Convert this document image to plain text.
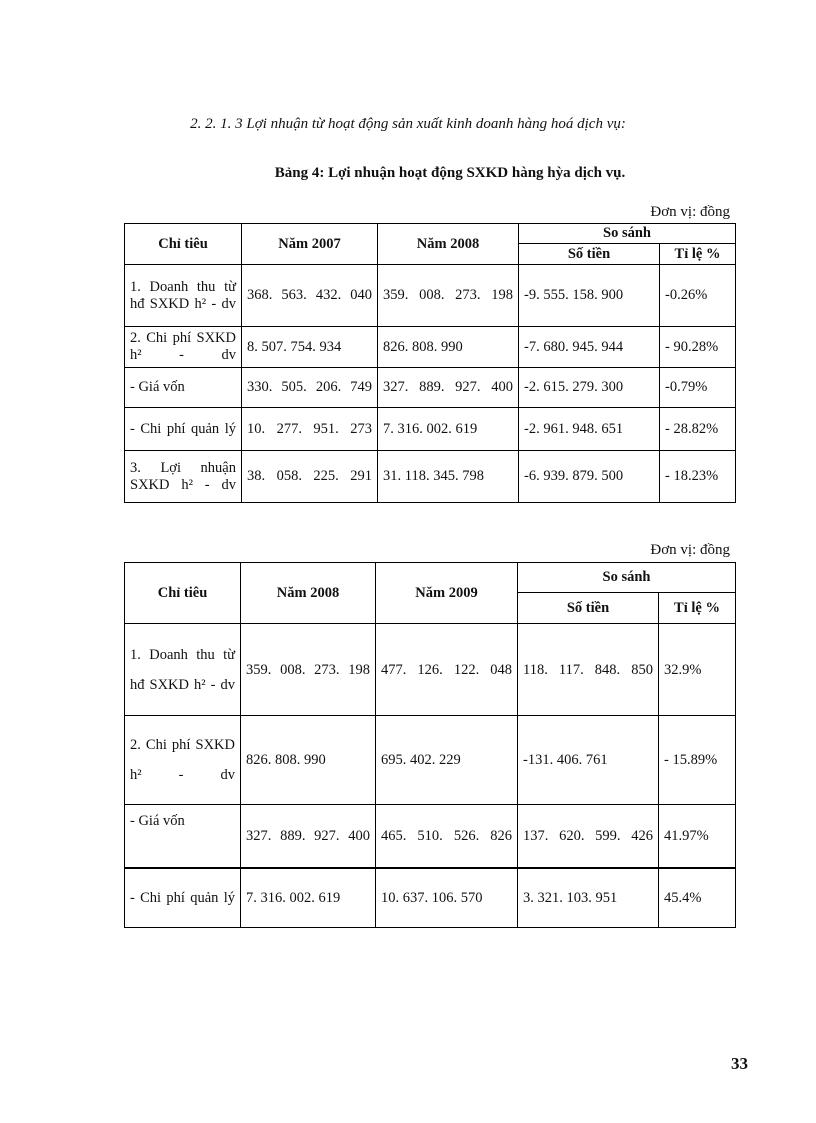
2. 2. 1. 3 Lợi nhuận từ hoạt động sản xuất kinh doanh hàng hoá dịch vụ:
Bảng 4: Lợi nhuận hoạt động SXKD hàng hỳa dịch vụ.
Đơn vị: đồng
Chỉ tiêu	Năm 2007	Năm 2008	So sánh	
			Số tiền	Tỉ lệ %
1. Doanh thu từ hđ SXKD h² - dv	368. 563. 432. 040	359. 008. 273. 198	-9. 555. 158. 900	-0.26%
2. Chi phí SXKD h² - dv	8. 507. 754. 934	826. 808. 990	-7. 680. 945. 944	- 90.28%
- Giá vốn	330. 505. 206. 749	327. 889. 927. 400	-2. 615. 279. 300	-0.79%
- Chi phí quản lý	10. 277. 951. 273	7. 316. 002. 619	-2. 961. 948. 651	- 28.82%
3. Lợi nhuận SXKD h² - dv	38. 058. 225. 291	31. 118. 345. 798	-6. 939. 879. 500	- 18.23%
Đơn vị: đồng
Chỉ tiêu	Năm 2008	Năm 2009	So sánh	
			Số tiền	Tỉ lệ %
1. Doanh thu từ hđ SXKD h² - dv	359. 008. 273. 198	477. 126. 122. 048	118. 117. 848. 850	32.9%
2. Chi phí SXKD h² - dv	826. 808. 990	695. 402. 229	-131. 406. 761	- 15.89%
- Giá vốn	327. 889. 927. 400	465. 510. 526. 826	137. 620. 599. 426	41.97%
- Chi phí quản lý	7. 316. 002. 619	10. 637. 106. 570	3. 321. 103. 951	45.4%
33
